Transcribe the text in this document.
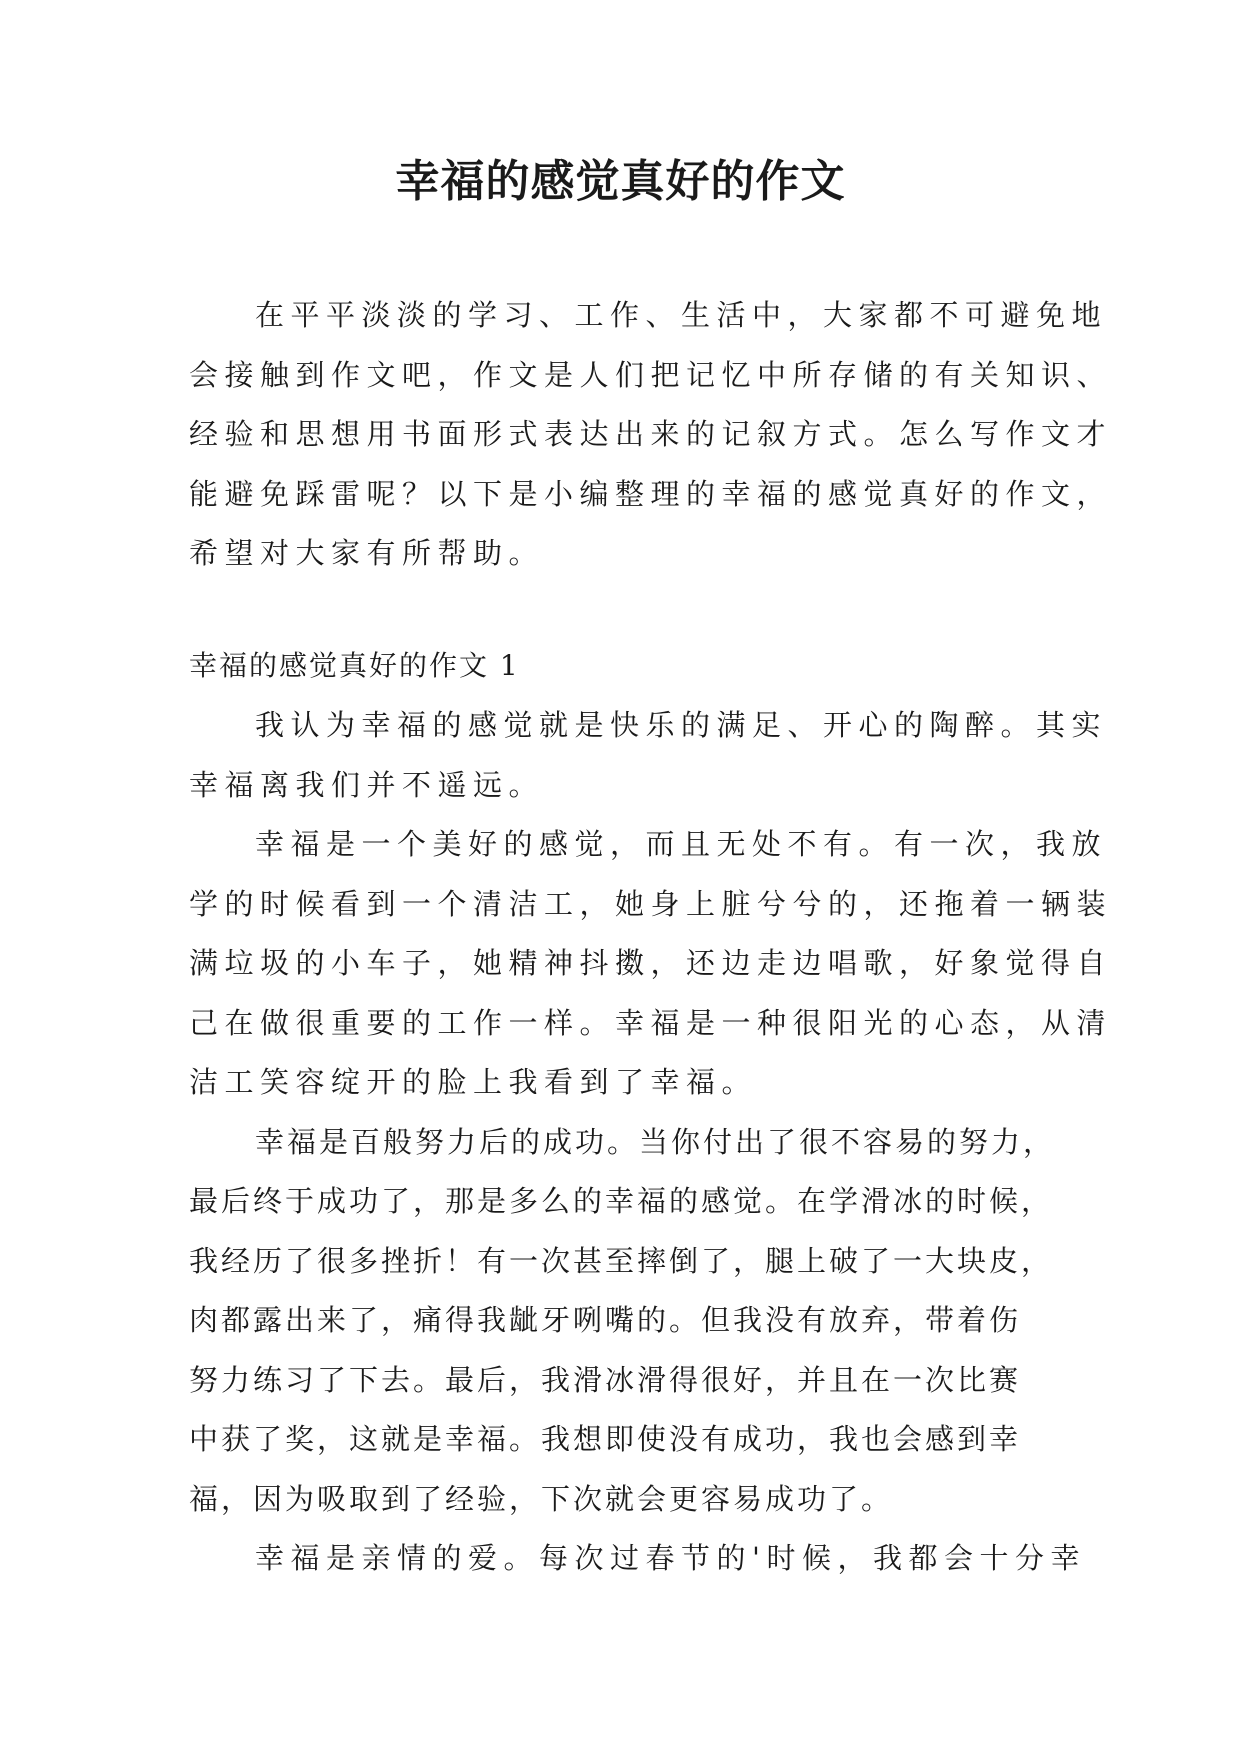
幸福的感觉真好的作文
在平平淡淡的学习、工作、生活中，大家都不可避免地
会接触到作文吧，作文是人们把记忆中所存储的有关知识、
经验和思想用书面形式表达出来的记叙方式。怎么写作文才
能避免踩雷呢？以下是小编整理的幸福的感觉真好的作文，
希望对大家有所帮助。
幸福的感觉真好的作文 1
我认为幸福的感觉就是快乐的满足、开心的陶醉。其实
幸福离我们并不遥远。
幸福是一个美好的感觉，而且无处不有。有一次，我放
学的时候看到一个清洁工，她身上脏兮兮的，还拖着一辆装
满垃圾的小车子，她精神抖擞，还边走边唱歌，好象觉得自
己在做很重要的工作一样。幸福是一种很阳光的心态，从清
洁工笑容绽开的脸上我看到了幸福。
幸福是百般努力后的成功。当你付出了很不容易的努力，
最后终于成功了，那是多么的幸福的感觉。在学滑冰的时候，
我经历了很多挫折！有一次甚至摔倒了，腿上破了一大块皮，
肉都露出来了，痛得我龇牙咧嘴的。但我没有放弃，带着伤
努力练习了下去。最后，我滑冰滑得很好，并且在一次比赛
中获了奖，这就是幸福。我想即使没有成功，我也会感到幸
福，因为吸取到了经验，下次就会更容易成功了。
幸福是亲情的爱。每次过春节的'时候，我都会十分幸
